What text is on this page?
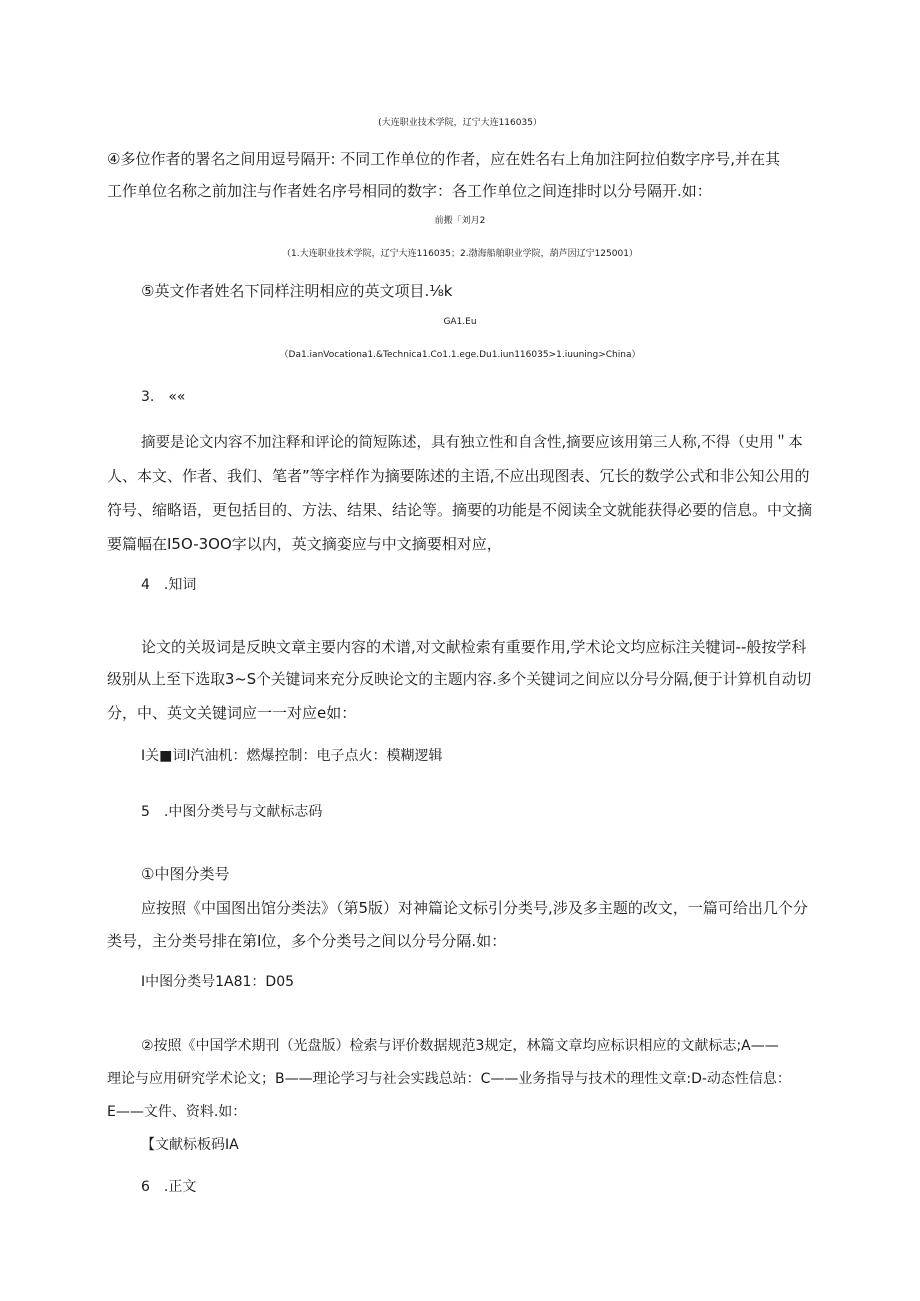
(大连职业技术学院，辽宁大连116035）

④多位作者的署名之间用逗号隔开: 不同工作单位的作者，应在姓名右上角加注阿拉伯数字序号,并在其

工作单位名称之前加注与作者姓名序号相同的数字：各工作单位之间连排时以分号隔开.如：

前搬「刘月2

（1.大连职业技术学院，辽宁大连116035；2.渤海船舶职业学院，葫芦因辽宁125001）

⑤英文作者姓名下同样注明相应的英文项目.⅛k

GA1.Eu

（Da1.ianVocationa1.&Technica1.Co1.1.ege.Du1.iun116035>1.iuuning>China）

3.　««

摘要是论文内容不加注释和评论的简短陈述，具有独立性和自含性,摘要应该用第三人称,不得（史用＂本

人、本文、作者、我们、笔者”等字样作为摘要陈述的主语,不应出现图表、冗长的数学公式和非公知公用的

符号、缩略语，更包括目的、方法、结果、结论等。摘要的功能是不阅读全文就能获得必要的信息。中文摘

要篇幅在I5O-3OO字以内，英文摘娈应与中文摘要相对应，

4　.知词

论文的关圾词是反映文章主要内容的术谱,对文献检索有重要作用,学术论文均应标注关犍词--般按学科

级别从上至下选取3~S个关键词来充分反映论文的主题内容.多个关键词之间应以分号分隔,便于计算机自动切

分，中、英文关键词应一一对应e如：

I关■词I汽油机：燃爆控制：电子点火：模糊逻辑

5　.中图分类号与文献标志码

①中图分类号

应按照《中国图出馆分类法》（第5版）对神篇论文标引分类号,涉及多主题的改文，一篇可给出几个分

类号，主分类号排在第I位，多个分类号之间以分号分隔.如：

I中图分类号1A81：D05

②按照《中国学术期刊（光盘版）检索与评价数据规范3规定，林篇文章均应标识相应的文献标志;A——

理论与应用研究学术论文；B——理论学习与社会实践总站：C——业务指导与技术的理性文章:D-动态性信息：

E——文件、资料.如：

【文献标板码IA

6　.正文
